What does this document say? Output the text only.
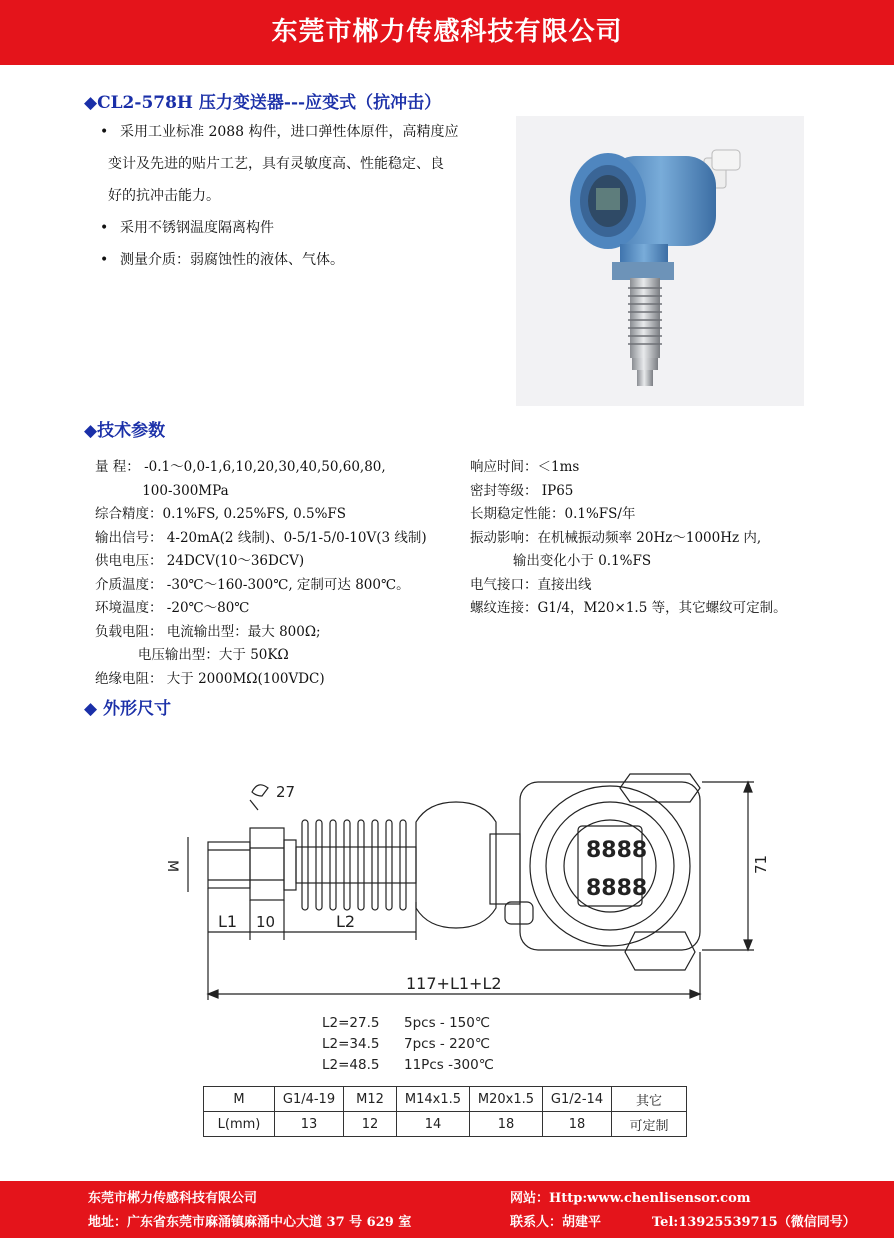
东莞市郴力传感科技有限公司
◆CL2-578H 压力变送器---应变式（抗冲击）
• 采用工业标准 2088 构件，进口弹性体原件，高精度应
变计及先进的贴片工艺，具有灵敏度高、性能稳定、良
好的抗冲击能力。
• 采用不锈钢温度隔离构件
• 测量介质：弱腐蚀性的液体、气体。
◆技术参数
量 程： -0.1～0,0-1,6,10,20,30,40,50,60,80,
100-300MPa
综合精度：0.1%FS, 0.25%FS, 0.5%FS
输出信号： 4-20mA(2 线制)、0-5/1-5/0-10V(3 线制)
供电电压： 24DCV(10～36DCV)
介质温度： -30℃～160-300℃, 定制可达 800℃。
环境温度： -20℃～80℃
负载电阻： 电流输出型：最大 800Ω;
电压输出型：大于 50KΩ
绝缘电阻： 大于 2000MΩ(100VDC)
响应时间：＜1ms
密封等级： IP65
长期稳定性能：0.1%FS/年
振动影响：在机械振动频率 20Hz～1000Hz 内,
输出变化小于 0.1%FS
电气接口：直接出线
螺纹连接：G1/4，M20×1.5 等，其它螺纹可定制。
◆ 外形尺寸
27
M
8888
8888
71
L1 10	L2
117+L1+L2
L2=27.5	5pcs - 150℃
L2=34.5	7pcs - 220℃
L2=48.5	11Pcs -300℃
M	G1/4-19	M12	M14x1.5	M20x1.5	G1/2-14	其它
L(mm)	13	12	14	18	18	可定制
东莞市郴力传感科技有限公司	网站：Http:www.chenlisensor.com
地址：广东省东莞市麻涌镇麻涌中心大道 37 号 629 室	联系人：胡建平	Tel:13925539715（微信同号）
